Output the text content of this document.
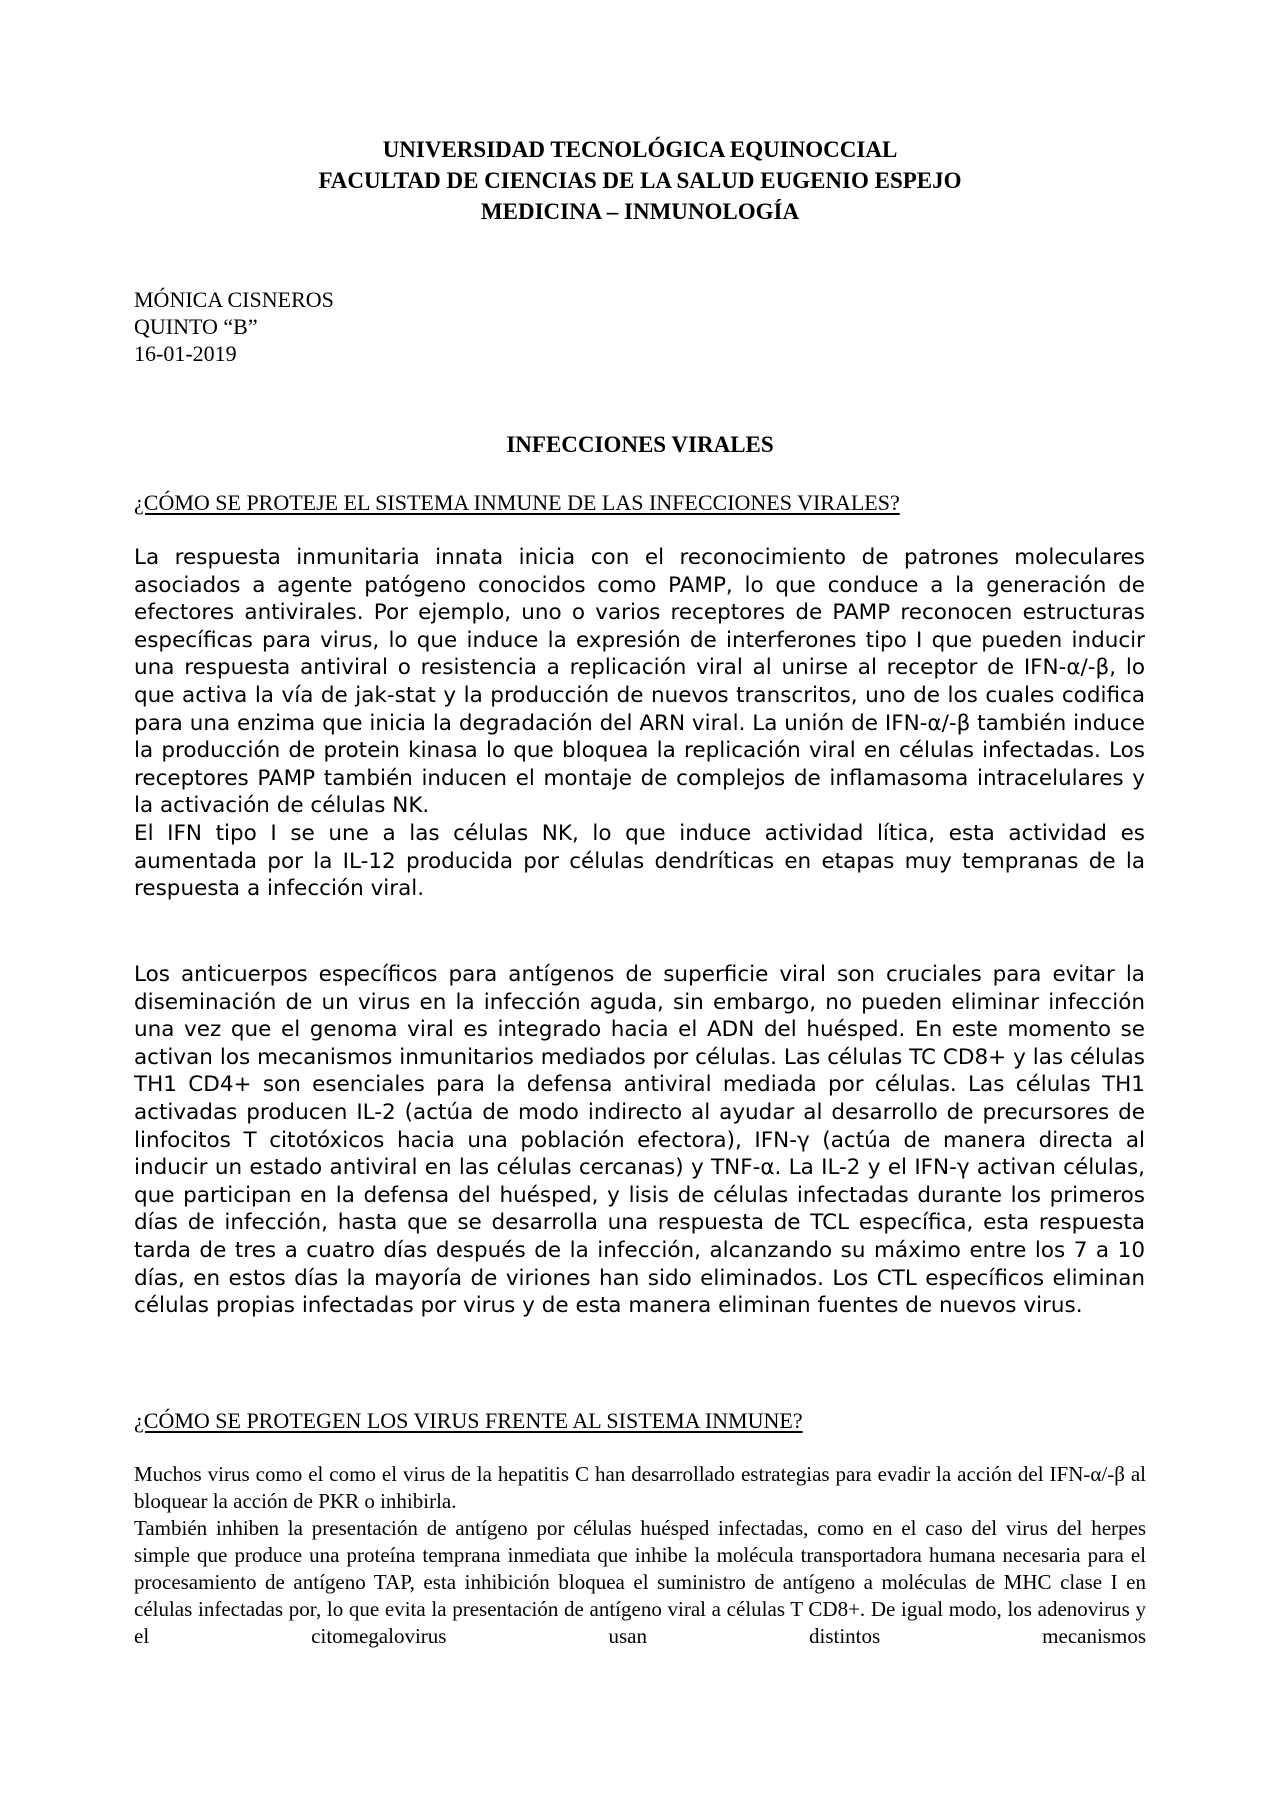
UNIVERSIDAD TECNOLÓGICA EQUINOCCIAL
FACULTAD DE CIENCIAS DE LA SALUD EUGENIO ESPEJO
MEDICINA – INMUNOLOGÍA
MÓNICA CISNEROS
QUINTO “B”
16-01-2019
INFECCIONES VIRALES
¿CÓMO SE PROTEJE EL SISTEMA INMUNE DE LAS INFECCIONES VIRALES?

La respuesta inmunitaria innata inicia con el reconocimiento de patrones moleculares asociados a agente patógeno conocidos como PAMP, lo que conduce a la generación de efectores antivirales. Por ejemplo, uno o varios receptores de PAMP reconocen estructuras específicas para virus, lo que induce la expresión de interferones tipo I que pueden inducir una respuesta antiviral o resistencia a replicación viral al unirse al receptor de IFN-α/-β, lo que activa la vía de jak-stat y la producción de nuevos transcritos, uno de los cuales codifica para una enzima que inicia la degradación del ARN viral. La unión de IFN-α/-β también induce la producción de protein kinasa lo que bloquea la replicación viral en células infectadas. Los receptores PAMP también inducen el montaje de complejos de inflamasoma intracelulares y la activación de células NK.

El IFN tipo I se une a las células NK, lo que induce actividad lítica, esta actividad es aumentada por la IL-12 producida por células dendríticas en etapas muy tempranas de la respuesta a infección viral.

Los anticuerpos específicos para antígenos de superficie viral son cruciales para evitar la diseminación de un virus en la infección aguda, sin embargo, no pueden eliminar infección una vez que el genoma viral es integrado hacia el ADN del huésped. En este momento se activan los mecanismos inmunitarios mediados por células. Las células TC CD8+ y las células TH1 CD4+ son esenciales para la defensa antiviral mediada por células. Las células TH1 activadas producen IL-2 (actúa de modo indirecto al ayudar al desarrollo de precursores de linfocitos T citotóxicos hacia una población efectora), IFN-γ (actúa de manera directa al inducir un estado antiviral en las células cercanas) y TNF-α. La IL-2 y el IFN-γ activan células, que participan en la defensa del huésped, y lisis de células infectadas durante los primeros días de infección, hasta que se desarrolla una respuesta de TCL específica, esta respuesta tarda de tres a cuatro días después de la infección, alcanzando su máximo entre los 7 a 10 días, en estos días la mayoría de viriones han sido eliminados. Los CTL específicos eliminan células propias infectadas por virus y de esta manera eliminan fuentes de nuevos virus.

¿CÓMO SE PROTEGEN LOS VIRUS FRENTE AL SISTEMA INMUNE?

Muchos virus como el como el virus de la hepatitis C han desarrollado estrategias para evadir la acción del IFN-α/-β al bloquear la acción de PKR o inhibirla.

También inhiben la presentación de antígeno por células huésped infectadas, como en el caso del virus del herpes simple que produce una proteína temprana inmediata que inhibe la molécula transportadora humana necesaria para el procesamiento de antígeno TAP, esta inhibición bloquea el suministro de antígeno a moléculas de MHC clase I en células infectadas por, lo que evita la presentación de antígeno viral a células T CD8+. De igual modo, los adenovirus y el citomegalovirus usan distintos mecanismos
